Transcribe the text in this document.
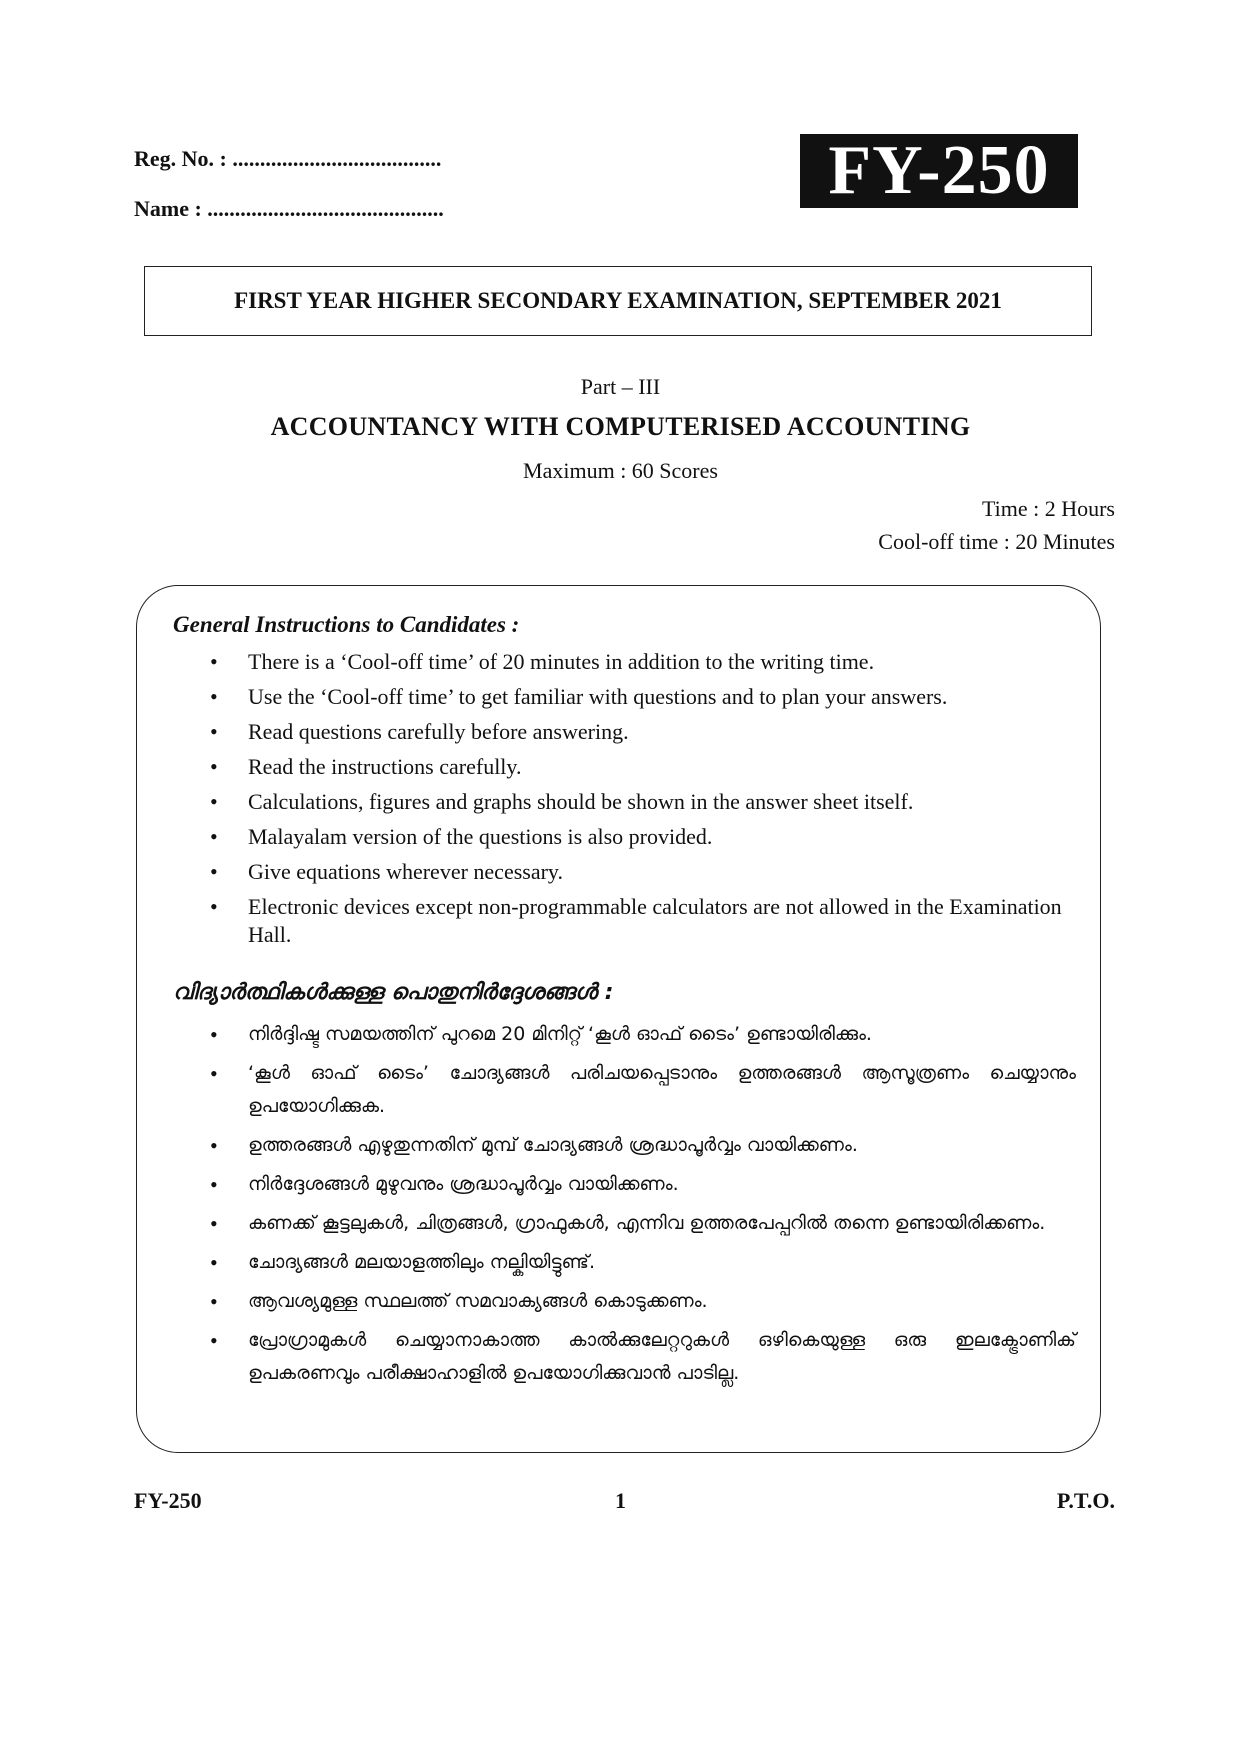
Reg. No. : ......................................
Name : ...........................................	FY-250
FIRST YEAR HIGHER SECONDARY EXAMINATION, SEPTEMBER 2021
Part – III
ACCOUNTANCY WITH COMPUTERISED ACCOUNTING
Maximum : 60 Scores
Time : 2 Hours
Cool-off time : 20 Minutes
General Instructions to Candidates :
• There is a ‘Cool-off time’ of 20 minutes in addition to the writing time.
• Use the ‘Cool-off time’ to get familiar with questions and to plan your answers.
• Read questions carefully before answering.
• Read the instructions carefully.
• Calculations, figures and graphs should be shown in the answer sheet itself.
• Malayalam version of the questions is also provided.
• Give equations wherever necessary.
• Electronic devices except non-programmable calculators are not allowed in the Examination Hall.
വിദ്യാർത്ഥികൾക്കുള്ള പൊതുനിർദ്ദേശങ്ങൾ :
• നിർദ്ദിഷ്ട സമയത്തിന് പുറമെ 20 മിനിറ്റ് ‘കൂൾ ഓഫ് ടൈം’ ഉണ്ടായിരിക്കും.
• ‘കൂൾ ഓഫ് ടൈം’ ചോദ്യങ്ങൾ പരിചയപ്പെടാനും ഉത്തരങ്ങൾ ആസൂത്രണം ചെയ്യാനും ഉപയോഗിക്കുക.
• ഉത്തരങ്ങൾ എഴുതുന്നതിന് മുമ്പ് ചോദ്യങ്ങൾ ശ്രദ്ധാപൂർവ്വം വായിക്കണം.
• നിർദ്ദേശങ്ങൾ മുഴുവനും ശ്രദ്ധാപൂർവ്വം വായിക്കണം.
• കണക്ക് കൂട്ടലുകൾ, ചിത്രങ്ങൾ, ഗ്രാഫുകൾ, എന്നിവ ഉത്തരപേപ്പറിൽ തന്നെ ഉണ്ടായിരിക്കണം.
• ചോദ്യങ്ങൾ മലയാളത്തിലും നല്കിയിട്ടുണ്ട്.
• ആവശ്യമുള്ള സ്ഥലത്ത് സമവാക്യങ്ങൾ കൊടുക്കണം.
• പ്രോഗ്രാമുകൾ ചെയ്യാനാകാത്ത കാൽക്കുലേറ്ററുകൾ ഒഴികെയുള്ള ഒരു ഇലക്ട്രോണിക് ഉപകരണവും പരീക്ഷാഹാളിൽ ഉപയോഗിക്കുവാൻ പാടില്ല.
FY-250	1	P.T.O.
